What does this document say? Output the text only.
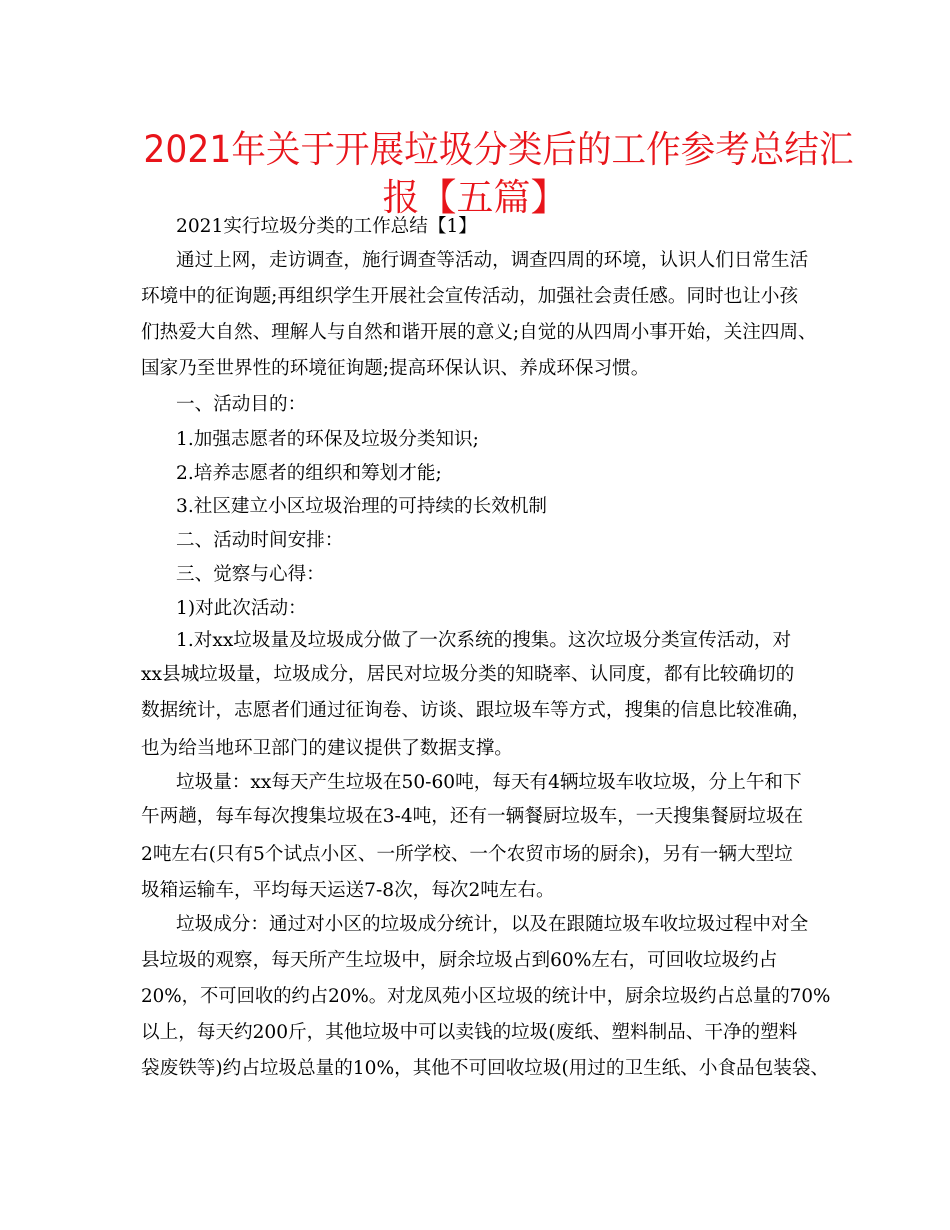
2021年关于开展垃圾分类后的工作参考总结汇
报【五篇】
2021实行垃圾分类的工作总结【1】
通过上网，走访调查，施行调查等活动，调查四周的环境，认识人们日常生活
环境中的征询题;再组织学生开展社会宣传活动，加强社会责任感。同时也让小孩
们热爱大自然、理解人与自然和谐开展的意义;自觉的从四周小事开始，关注四周、
国家乃至世界性的环境征询题;提高环保认识、养成环保习惯。
一、活动目的：
1.加强志愿者的环保及垃圾分类知识;
2.培养志愿者的组织和筹划才能;
3.社区建立小区垃圾治理的可持续的长效机制
二、活动时间安排：
三、觉察与心得：
1)对此次活动：
1.对xx垃圾量及垃圾成分做了一次系统的搜集。这次垃圾分类宣传活动，对
xx县城垃圾量，垃圾成分，居民对垃圾分类的知晓率、认同度，都有比较确切的
数据统计，志愿者们通过征询卷、访谈、跟垃圾车等方式，搜集的信息比较准确，
也为给当地环卫部门的建议提供了数据支撑。
垃圾量：xx每天产生垃圾在50-60吨，每天有4辆垃圾车收垃圾，分上午和下
午两趟，每车每次搜集垃圾在3-4吨，还有一辆餐厨垃圾车，一天搜集餐厨垃圾在
2吨左右(只有5个试点小区、一所学校、一个农贸市场的厨余)，另有一辆大型垃
圾箱运输车，平均每天运送7-8次，每次2吨左右。
垃圾成分：通过对小区的垃圾成分统计，以及在跟随垃圾车收垃圾过程中对全
县垃圾的观察，每天所产生垃圾中，厨余垃圾占到60%左右，可回收垃圾约占
20%，不可回收的约占20%。对龙凤苑小区垃圾的统计中，厨余垃圾约占总量的70%
以上，每天约200斤，其他垃圾中可以卖钱的垃圾(废纸、塑料制品、干净的塑料
袋废铁等)约占垃圾总量的10%，其他不可回收垃圾(用过的卫生纸、小食品包装袋、
